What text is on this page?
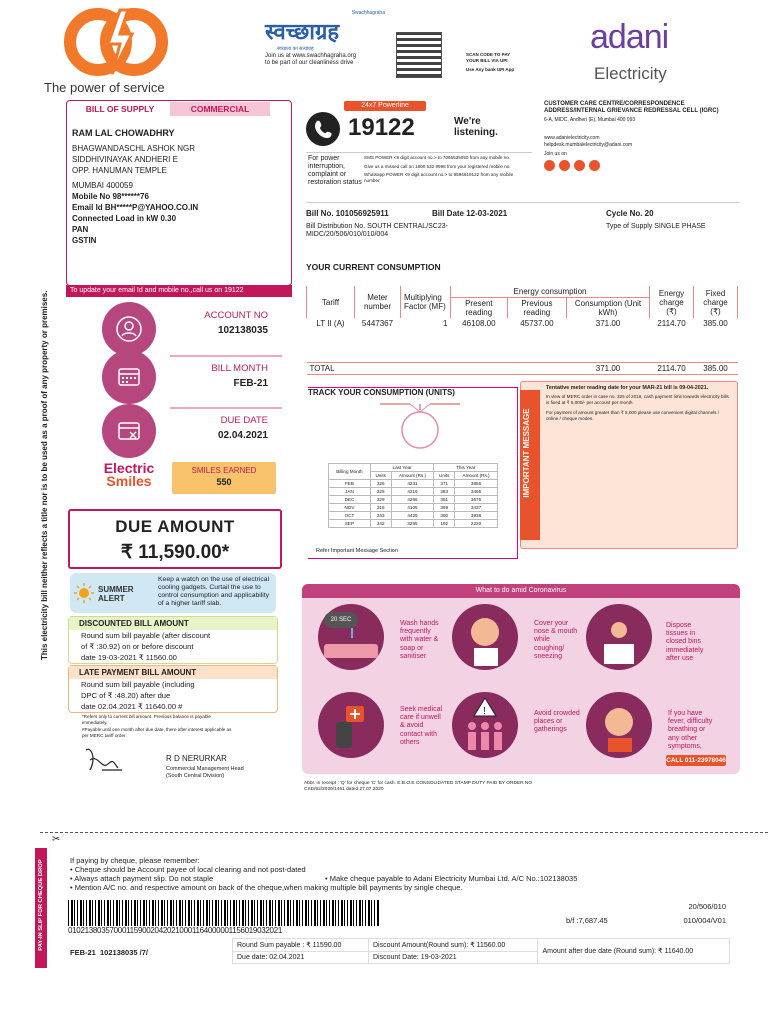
The power of service
Swachhagraha
स्वच्छाग्रह
स्वच्छता का सत्याग्रह
Join us at www.swachhagraha.org
to be part of our cleanliness drive
SCAN CODE TO PAY
YOUR BILL VIA UPI
Use Any bank UPI App
adani
Electricity
BILL OF SUPPLY	COMMERCIAL
RAM LAL CHOWADHRY
BHAGWANDASCHL ASHOK NGR
SIDDHIVINAYAK ANDHERI E
OPP. HANUMAN TEMPLE
MUMBAI 400059
Mobile No 98******76
Email Id BH*****P@YAHOO.CO.IN
Connected Load in kW 0.30
PAN
GSTIN
To update your email Id and mobile no.,call us on 19122
ACCOUNT NO
102138035
BILL MONTH
FEB-21
DUE DATE
02.04.2021
Electric
Smiles
SMILES EARNED
550
DUE AMOUNT
₹ 11,590.00*
SUMMER
ALERT
Keep a watch on the use of electrical cooling gadgets. Curtail the use to control consumption and applicability of a higher tariff slab.
DISCOUNTED BILL AMOUNT
Round sum bill payable (after discount
of ₹ :30.92) on or before discount
date 19-03-2021 ₹ 11560.00
LATE PAYMENT BILL AMOUNT
Round sum bill payable (including
DPC of ₹ :48.20) after due
date 02.04.2021 ₹ 11640.00 #
*Refers only to current bill amount. Previous balance is payable immediately.
#Payable until one month after due date, there after interest applicable as per MERC tariff order.
R D NERURKAR
Commercial Management Head
(South Central Division)
This electricity bill neither reflects a title nor is to be used as a proof of any property or premises.
24x7 Powerline
19122	We're
listening.
CUSTOMER CARE CENTRE/CORRESPONDENCE ADDRESS/INTERNAL GRIEVANCE REDRESSAL CELL (IGRC)
6-A, MIDC, Andheri (E), Mumbai 400 093
www.adanielectricity.com
helpdesk.mumbaielectricity@adani.com
Join us on
For power interruption, complaint or restoration status
SMS POWER <9 digit account no.> to 7065535050 from any mobile no.
Give us a missed call on 1800 532 9998 from your registered mobile no.
Whatsapp POWER <9 digit account no.> to 9594619122 from any mobile number.
Bill No. 101056925911	Bill Date 12-03-2021	Cycle No. 20
Bill Distribution No. SOUTH CENTRAL/SC23-MIDC/20/506/010/010/004
Type of Supply SINGLE PHASE
YOUR CURRENT CONSUMPTION
Tariff	Meter number	Multiplying Factor (MF)	Energy consumption			Energy charge (₹)	Fixed charge (₹)
			Present reading	Previous reading	Consumption (Unit kWh)		
LT II (A)	5447367	1	46108.00	45737.00	371.00	2114.70	385.00
TOTAL					371.00	2114.70	385.00
TRACK YOUR CONSUMPTION (UNITS)
Billing Month	Last Year		This Year	
	Units	Amount (Rs.)	Units	Amount (Rs.)
FEB	326	4231	371	3856
JAN	325	4219	383	3465
DEC	329	4266	351	3675
NOV	315	4105	369	3437
OCT	343	4429	380	3938
SEP	342	3255	192	2220
Refer Important Message Section
IMPORTANT MESSAGE
Tentative meter reading date for your MAR-21 bill is 09-04-2021.
In view of MERC order in case no. 325 of 2019, cash payment limit towards electricity bills is fixed at ₹ 5,000/- per account per month.
For payment of amount greater than ₹ 5,000 please use convenient digital channels / online / cheque modes.
What to do amid Coronavirus
20 SEC	Wash hands frequently with water & soap or sanitiser
Cover your nose & mouth while coughing/ sneezing
Dispose tissues in closed bins immediately after use
Seek medical care if unwell & avoid contact with others
!	Avoid crowded places or gatherings
If you have fever, difficulty breathing or any other symptoms,
CALL 011-23978046
Abbr. in receipt : 'Q' for cheque 'C' for cash. E.B.O.E CONSOLIDATED STAMP DUTY PAID BY ORDER NO CSD/62/2020/1461 dated 27.07.2020
✂
PAY-IN SLIP FOR CHEQUE DROP	If paying by cheque, please remember:
• Cheque should be Account payee of local clearing and not post-dated
• Always attach payment slip. Do not staple	• Make cheque payable to Adani Electricity Mumbai Ltd. A/C No.:102138035
• Mention A/C no. and respective amount on back of the cheque,when making multiple bill payments by single cheque.
0102138035700011590020420210001164000001156019032021
b/f :7,687.45
20/506/010
010/004/V01
FEB-21 102138035 /7/
Round Sum payable : ₹ 11590.00	Discount Amount(Round sum): ₹ 11560.00	Amount after due date (Round sum): ₹ 11640.00
Due date: 02.04.2021	Discount Date: 19-03-2021	
